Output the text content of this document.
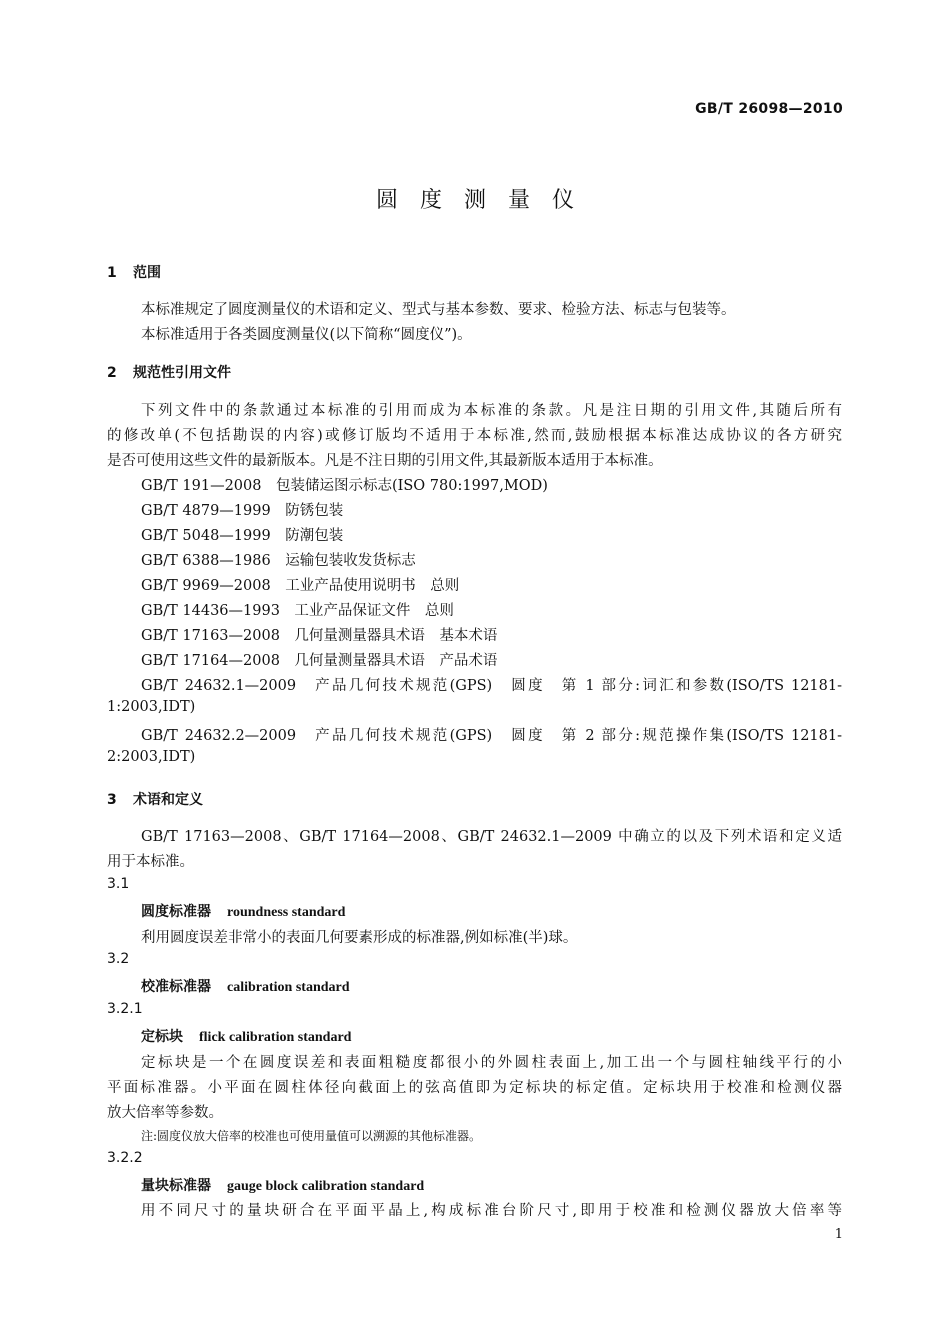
GB/T 26098—2010
圆度测量仪
1 范围
本标准规定了圆度测量仪的术语和定义、型式与基本参数、要求、检验方法、标志与包装等。
本标准适用于各类圆度测量仪(以下简称“圆度仪”)。
2 规范性引用文件
下列文件中的条款通过本标准的引用而成为本标准的条款。凡是注日期的引用文件,其随后所有
的修改单(不包括勘误的内容)或修订版均不适用于本标准,然而,鼓励根据本标准达成协议的各方研究
是否可使用这些文件的最新版本。凡是不注日期的引用文件,其最新版本适用于本标准。
GB/T 191—2008　包装储运图示标志(ISO 780:1997,MOD)
GB/T 4879—1999　防锈包装
GB/T 5048—1999　防潮包装
GB/T 6388—1986　运输包装收发货标志
GB/T 9969—2008　工业产品使用说明书　总则
GB/T 14436—1993　工业产品保证文件　总则
GB/T 17163—2008　几何量测量器具术语　基本术语
GB/T 17164—2008　几何量测量器具术语　产品术语
GB/T 24632.1—2009　产品几何技术规范(GPS)　圆度　第 1 部分:词汇和参数(ISO/TS 12181-
1:2003,IDT)
GB/T 24632.2—2009　产品几何技术规范(GPS)　圆度　第 2 部分:规范操作集(ISO/TS 12181-
2:2003,IDT)
3 术语和定义
GB/T 17163—2008、GB/T 17164—2008、GB/T 24632.1—2009 中确立的以及下列术语和定义适
用于本标准。
3.1
圆度标准器 roundness standard
利用圆度误差非常小的表面几何要素形成的标准器,例如标准(半)球。
3.2
校准标准器 calibration standard
3.2.1
定标块 flick calibration standard
定标块是一个在圆度误差和表面粗糙度都很小的外圆柱表面上,加工出一个与圆柱轴线平行的小
平面标准器。小平面在圆柱体径向截面上的弦高值即为定标块的标定值。定标块用于校准和检测仪器
放大倍率等参数。
注:圆度仪放大倍率的校准也可使用量值可以溯源的其他标准器。
3.2.2
量块标准器 gauge block calibration standard
用不同尺寸的量块研合在平面平晶上,构成标准台阶尺寸,即用于校准和检测仪器放大倍率等
1
